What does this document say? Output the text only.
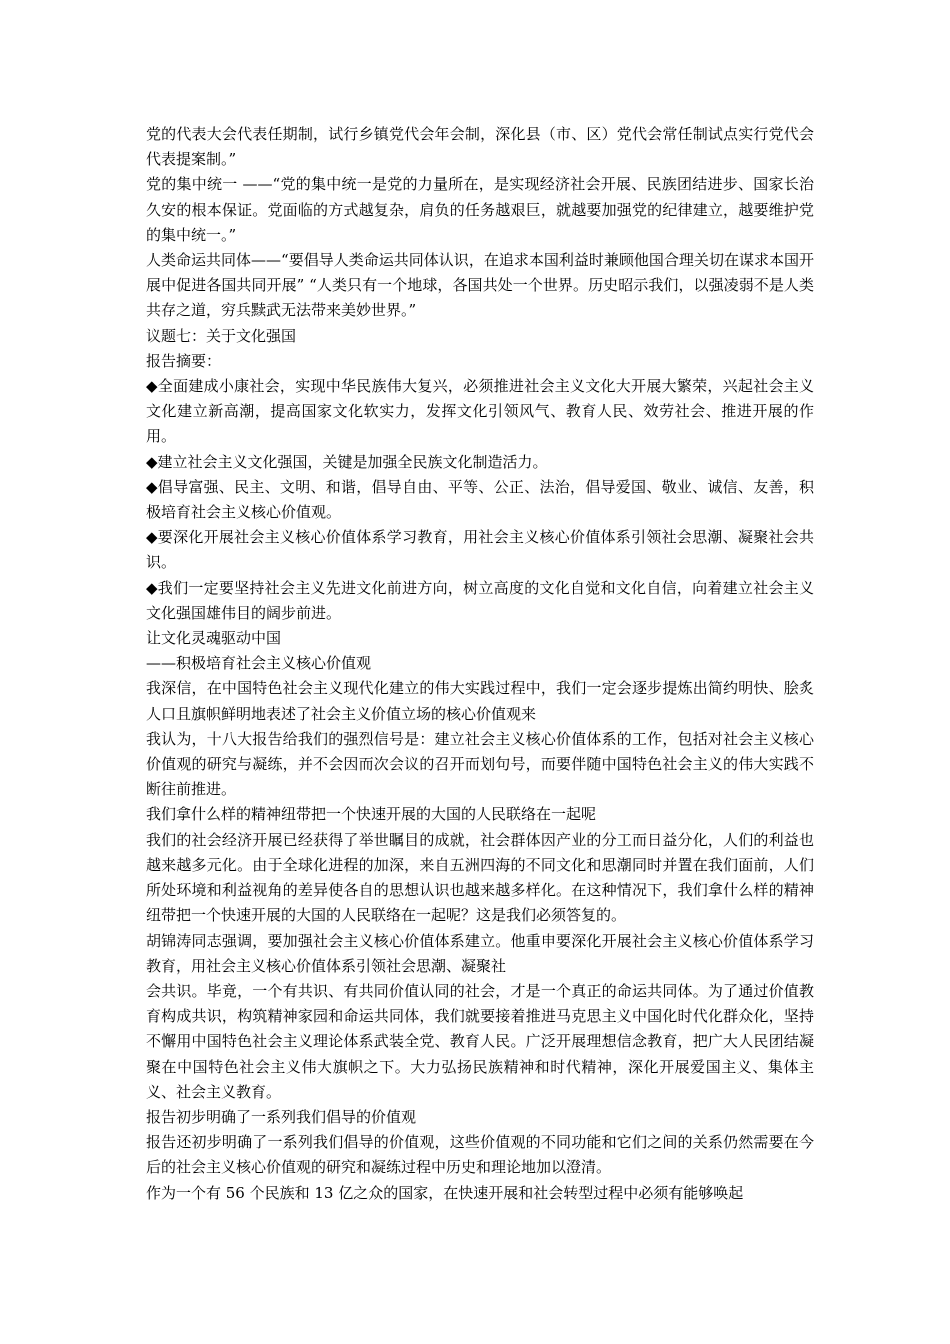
党的代表大会代表任期制，试行乡镇党代会年会制，深化县（市、区）党代会常任制试点实行党代会代表提案制。”

党的集中统一 ——“党的集中统一是党的力量所在，是实现经济社会开展、民族团结进步、国家长治久安的根本保证。党面临的方式越复杂，肩负的任务越艰巨，就越要加强党的纪律建立，越要维护党的集中统一。”

人类命运共同体——“要倡导人类命运共同体认识，在追求本国利益时兼顾他国合理关切在谋求本国开展中促进各国共同开展” “人类只有一个地球，各国共处一个世界。历史昭示我们，以强凌弱不是人类共存之道，穷兵黩武无法带来美妙世界。”

议题七：关于文化强国

报告摘要：

◆全面建成小康社会，实现中华民族伟大复兴，必须推进社会主义文化大开展大繁荣，兴起社会主义文化建立新高潮，提高国家文化软实力，发挥文化引领风气、教育人民、效劳社会、推进开展的作用。

◆建立社会主义文化强国，关键是加强全民族文化制造活力。

◆倡导富强、民主、文明、和谐，倡导自由、平等、公正、法治，倡导爱国、敬业、诚信、友善，积极培育社会主义核心价值观。

◆要深化开展社会主义核心价值体系学习教育，用社会主义核心价值体系引领社会思潮、凝聚社会共识。

◆我们一定要坚持社会主义先进文化前进方向，树立高度的文化自觉和文化自信，向着建立社会主义文化强国雄伟目的阔步前进。

让文化灵魂驱动中国

——积极培育社会主义核心价值观

我深信，在中国特色社会主义现代化建立的伟大实践过程中，我们一定会逐步提炼出简约明快、脍炙人口且旗帜鲜明地表述了社会主义价值立场的核心价值观来

我认为，十八大报告给我们的强烈信号是：建立社会主义核心价值体系的工作，包括对社会主义核心价值观的研究与凝练，并不会因而次会议的召开而划句号，而要伴随中国特色社会主义的伟大实践不断往前推进。

我们拿什么样的精神纽带把一个快速开展的大国的人民联络在一起呢

我们的社会经济开展已经获得了举世瞩目的成就，社会群体因产业的分工而日益分化，人们的利益也越来越多元化。由于全球化进程的加深，来自五洲四海的不同文化和思潮同时并置在我们面前，人们所处环境和利益视角的差异使各自的思想认识也越来越多样化。在这种情况下，我们拿什么样的精神纽带把一个快速开展的大国的人民联络在一起呢？这是我们必须答复的。

胡锦涛同志强调，要加强社会主义核心价值体系建立。他重申要深化开展社会主义核心价值体系学习教育，用社会主义核心价值体系引领社会思潮、凝聚社

会共识。毕竟，一个有共识、有共同价值认同的社会，才是一个真正的命运共同体。为了通过价值教育构成共识，构筑精神家园和命运共同体，我们就要接着推进马克思主义中国化时代化群众化，坚持不懈用中国特色社会主义理论体系武装全党、教育人民。广泛开展理想信念教育，把广大人民团结凝聚在中国特色社会主义伟大旗帜之下。大力弘扬民族精神和时代精神，深化开展爱国主义、集体主义、社会主义教育。

报告初步明确了一系列我们倡导的价值观

报告还初步明确了一系列我们倡导的价值观，这些价值观的不同功能和它们之间的关系仍然需要在今后的社会主义核心价值观的研究和凝练过程中历史和理论地加以澄清。

作为一个有 56 个民族和 13 亿之众的国家，在快速开展和社会转型过程中必须有能够唤起
